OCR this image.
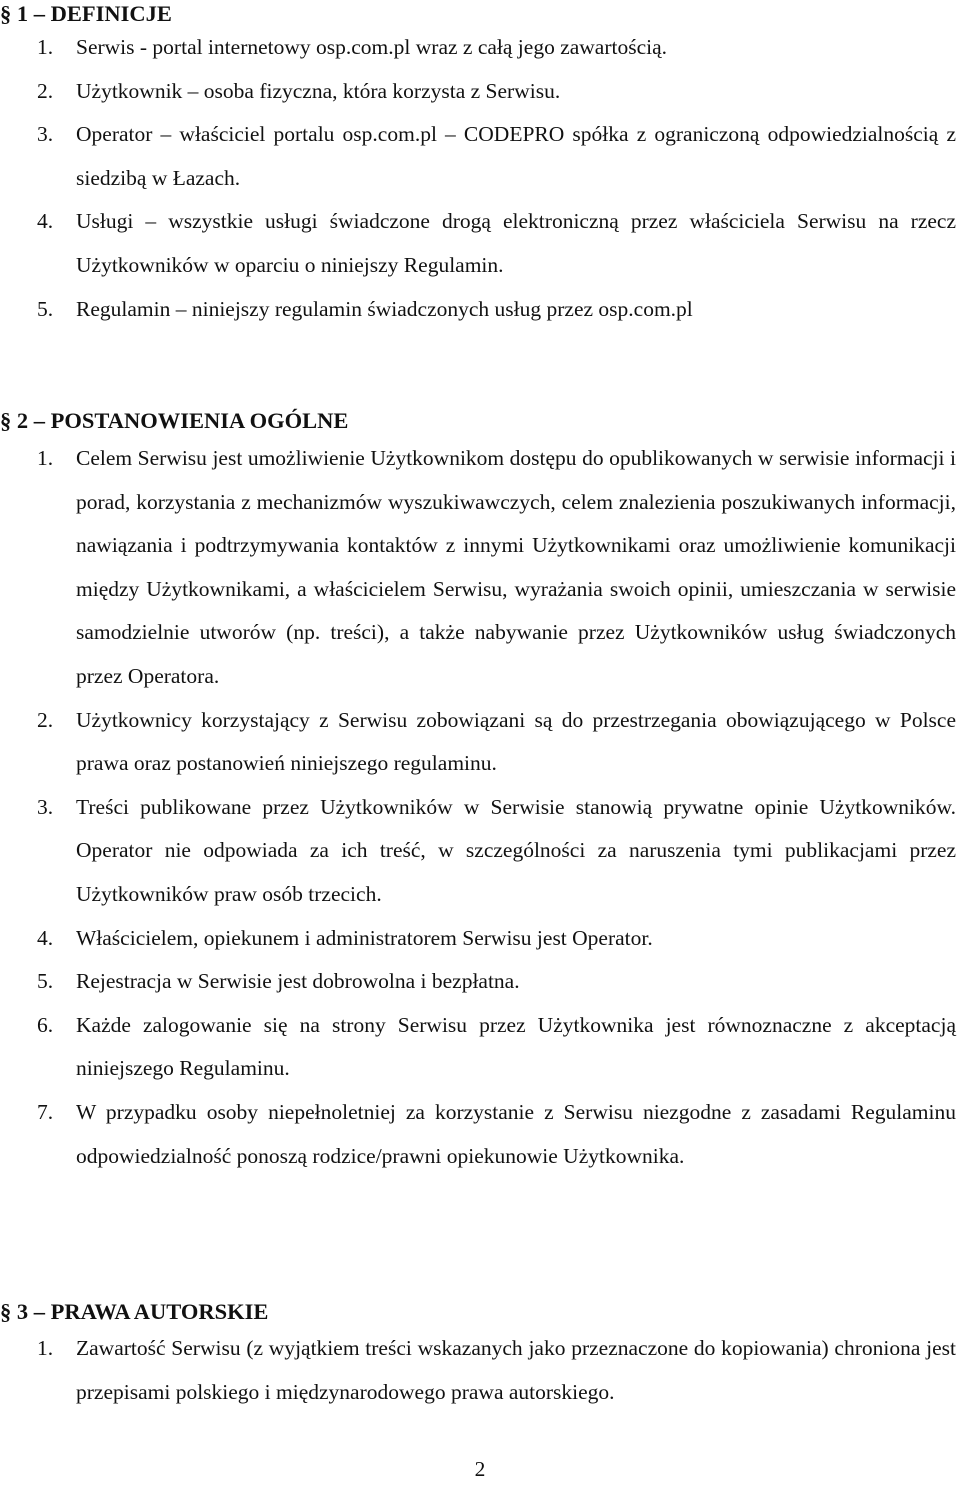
§ 1 – DEFINICJE
1. Serwis - portal internetowy osp.com.pl wraz z całą jego zawartością.
2. Użytkownik – osoba fizyczna, która korzysta z Serwisu.
3. Operator – właściciel portalu osp.com.pl – CODEPRO spółka z ograniczoną odpowiedzialnością z siedzibą w Łazach.
4. Usługi – wszystkie usługi świadczone drogą elektroniczną przez właściciela Serwisu na rzecz Użytkowników w oparciu o niniejszy Regulamin.
5. Regulamin – niniejszy regulamin świadczonych usług przez osp.com.pl
§ 2 – POSTANOWIENIA OGÓLNE
1. Celem Serwisu jest umożliwienie Użytkownikom dostępu do opublikowanych w serwisie informacji i porad, korzystania z mechanizmów wyszukiwawczych, celem znalezienia poszukiwanych informacji, nawiązania i podtrzymywania kontaktów z innymi Użytkownikami oraz umożliwienie komunikacji między Użytkownikami, a właścicielem Serwisu, wyrażania swoich opinii, umieszczania w serwisie samodzielnie utworów (np. treści), a także nabywanie przez Użytkowników usług świadczonych przez Operatora.
2. Użytkownicy korzystający z Serwisu zobowiązani są do przestrzegania obowiązującego w Polsce prawa oraz postanowień niniejszego regulaminu.
3. Treści publikowane przez Użytkowników w Serwisie stanowią prywatne opinie Użytkowników. Operator nie odpowiada za ich treść, w szczególności za naruszenia tymi publikacjami przez Użytkowników praw osób trzecich.
4. Właścicielem, opiekunem i administratorem Serwisu jest Operator.
5. Rejestracja w Serwisie jest dobrowolna i bezpłatna.
6. Każde zalogowanie się na strony Serwisu przez Użytkownika jest równoznaczne z akceptacją niniejszego Regulaminu.
7. W przypadku osoby niepełnoletniej za korzystanie z Serwisu niezgodne z zasadami Regulaminu odpowiedzialność ponoszą rodzice/prawni opiekunowie Użytkownika.
§ 3 – PRAWA AUTORSKIE
1. Zawartość Serwisu (z wyjątkiem treści wskazanych jako przeznaczone do kopiowania) chroniona jest przepisami polskiego i międzynarodowego prawa autorskiego.
2
